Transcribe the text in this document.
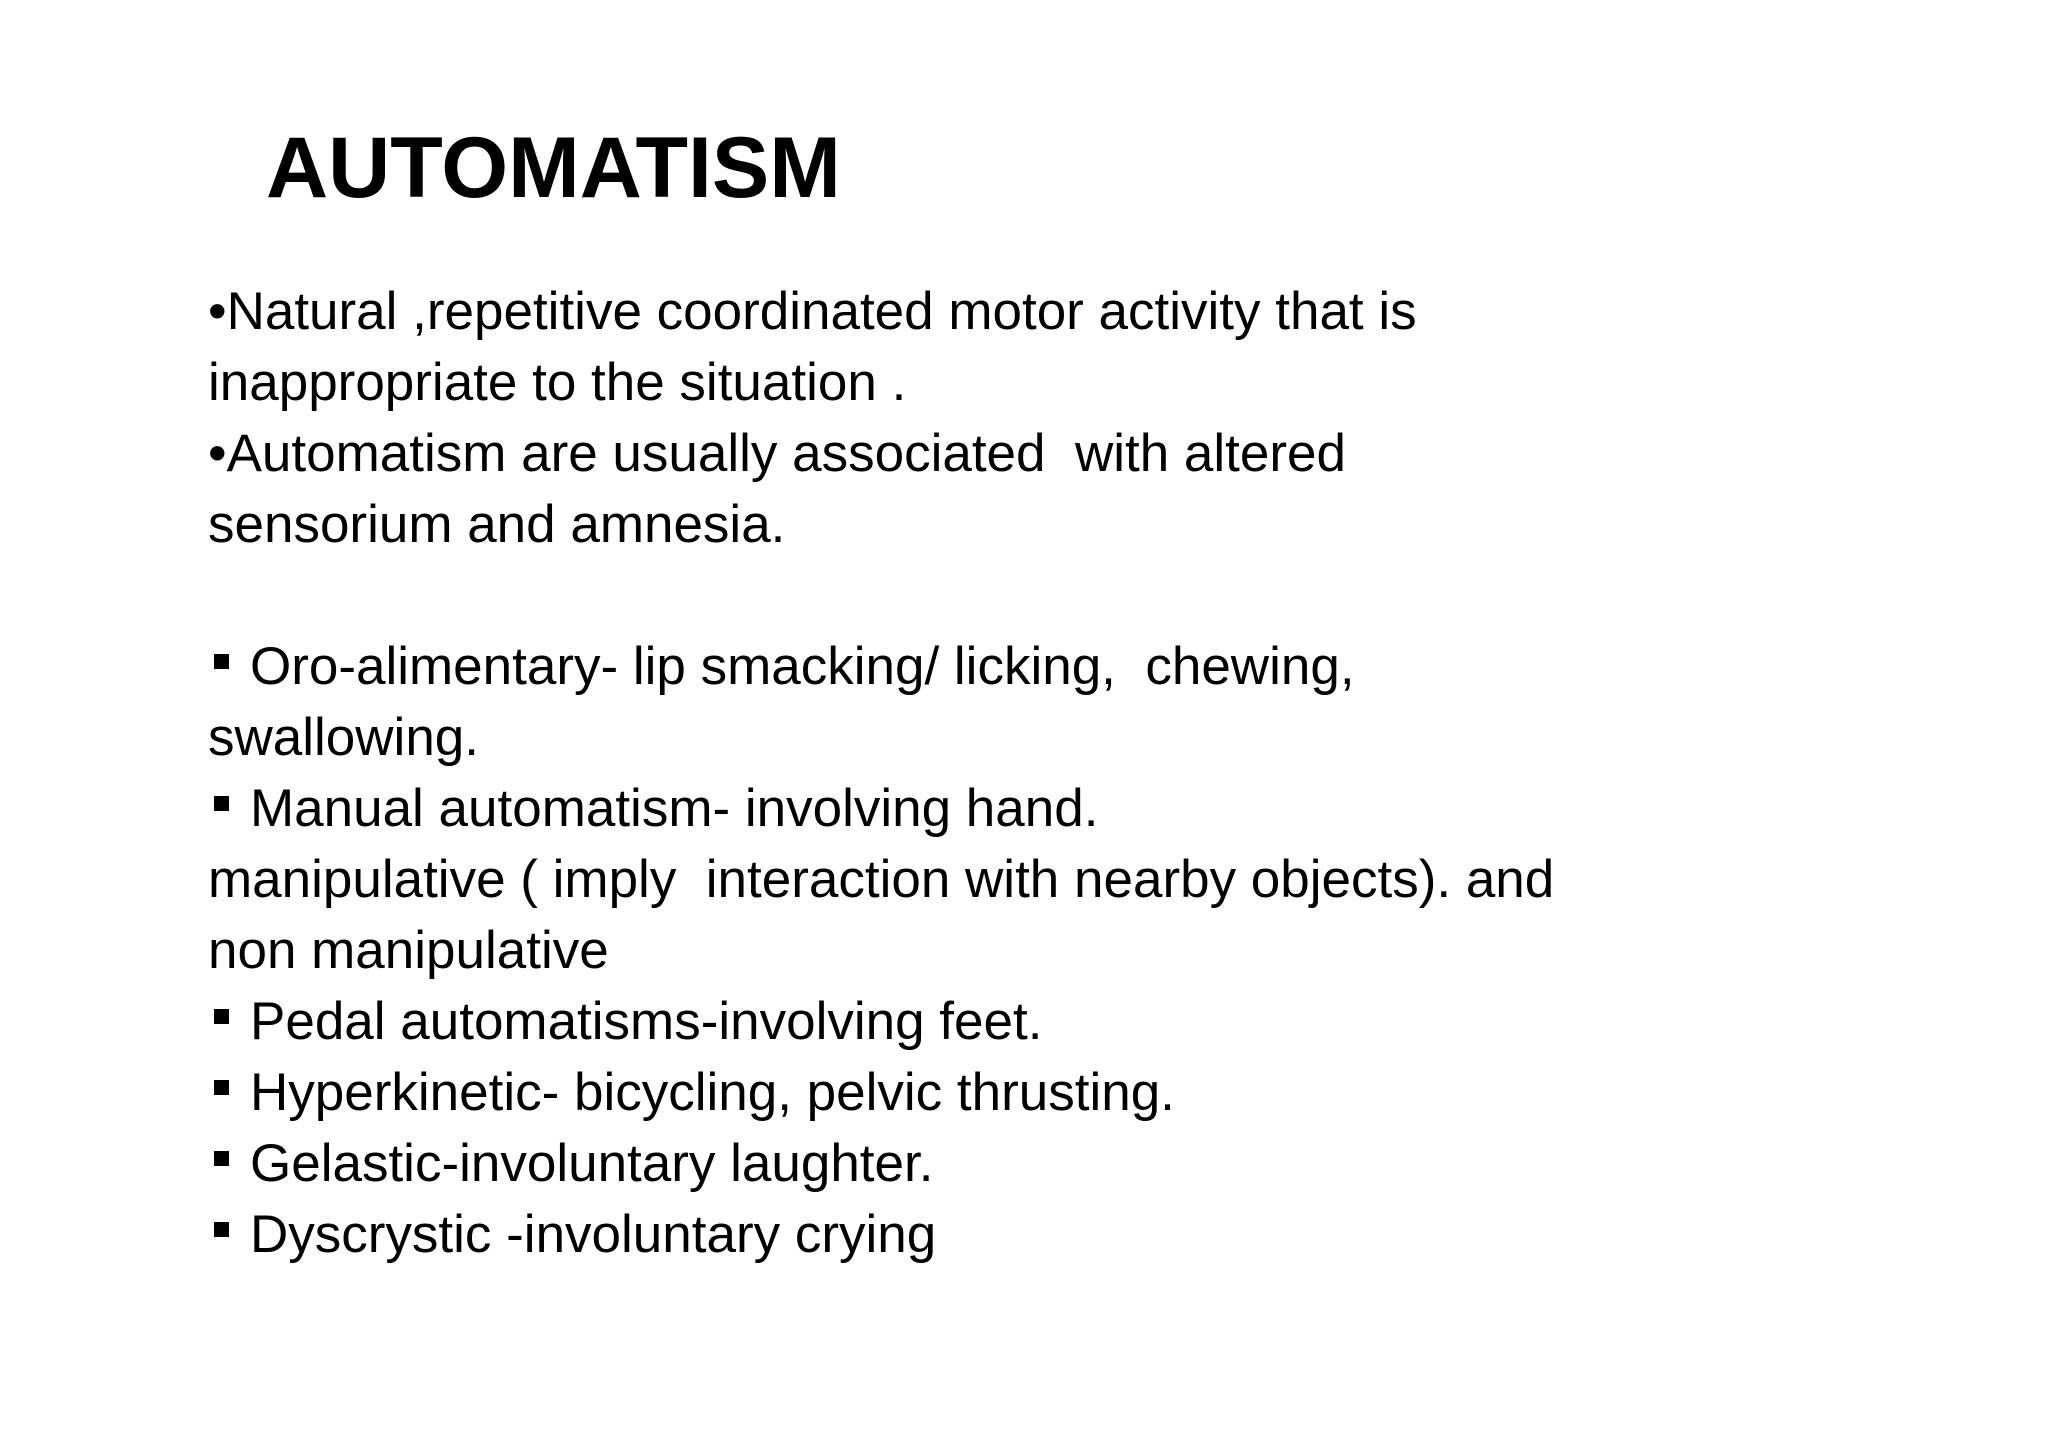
AUTOMATISM
•Natural ,repetitive coordinated motor activity that is
inappropriate to the situation .
•Automatism are usually associated  with altered
sensorium and amnesia.
Oro-alimentary- lip smacking/ licking,  chewing,
swallowing.
Manual automatism- involving hand.
manipulative ( imply  interaction with nearby objects). and
non manipulative
Pedal automatisms-involving feet.
Hyperkinetic- bicycling, pelvic thrusting.
Gelastic-involuntary laughter.
Dyscrystic -involuntary crying
